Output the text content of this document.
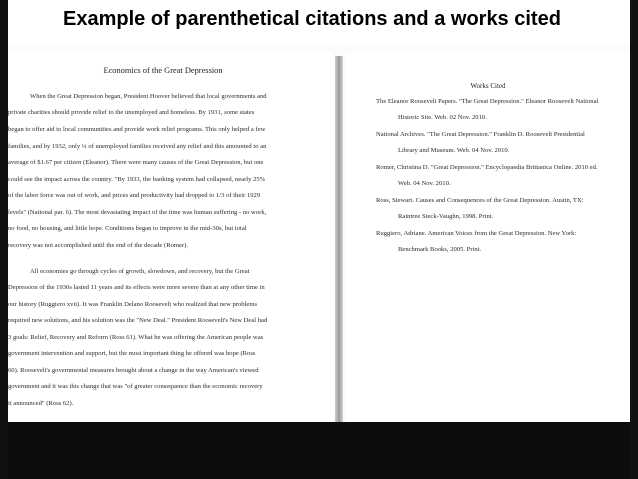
Example of parenthetical citations and a works cited
Economics of the Great Depression
When the Great Depression began, President Hoover believed that local governments and
private charities should provide relief to the unemployed and homeless. By 1931, some states
began to offer aid to local communities and provide work relief programs. This only helped a few
families, and by 1932, only ¼ of unemployed families received any relief and this amounted to an
average of $1.67 per citizen (Eleanor). There were many causes of the Great Depression, but one
could see the impact across the country. "By 1933, the banking system had collapsed, nearly 25%
of the labor force was out of work, and prices and productivity had dropped to 1/3 of their 1929
levels" (National par. 6). The most devastating impact of the time was human suffering - no work,
no food, no housing, and little hope. Conditions began to improve in the mid-30s, but total
recovery was not accomplished until the end of the decade (Romer).
All economies go through cycles of growth, slowdown, and recovery, but the Great
Depression of the 1930s lasted 11 years and its effects were more severe than at any other time in
our history (Ruggiero xvii). It was Franklin Delano Roosevelt who realized that new problems
required new solutions, and his solution was the "New Deal." President Roosevelt's New Deal had
3 goals: Relief, Recovery and Reform (Ross 61). What he was offering the American people was
government intervention and support, but the most important thing he offered was hope (Ross
60). Roosevelt's governmental measures brought about a change in the way American's viewed
government and it was this change that was "of greater consequence than the economic recovery
it announced" (Ross 62).
Works Cited
The Eleanor Roosevelt Papers. "The Great Depression." Eleanor Roosevelt National
Historic Site. Web. 02 Nov. 2010.
National Archives. "The Great Depression." Franklin D. Roosevelt Presidential
Library and Museum. Web. 04 Nov. 2010.
Romer, Christina D. "Great Depression." Encyclopaedia Brittanica Online. 2010 ed.
Web. 04 Nov. 2010.
Ross, Stewart. Causes and Consequences of the Great Depression. Austin, TX:
Raintree Steck-Vaughn, 1998. Print.
Ruggiero, Adriane. American Voices from the Great Depression. New York:
Benchmark Books, 2005. Print.
